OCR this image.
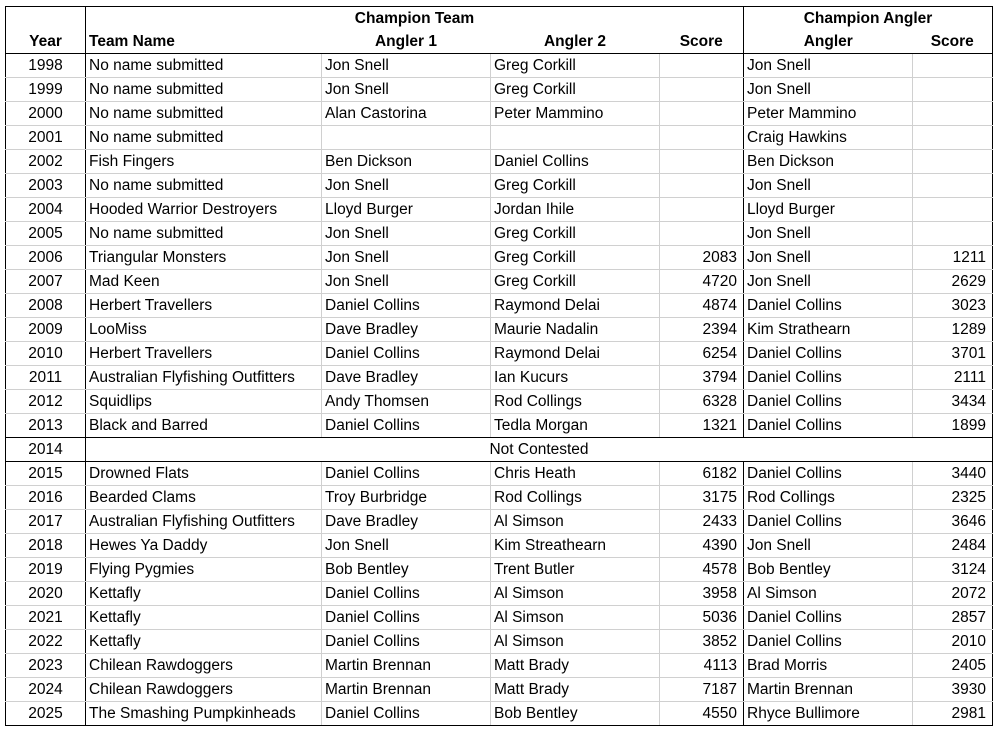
	Champion Team				Champion Angler	
Year	Team Name	Angler 1	Angler 2	Score	Angler	Score
1998	No name submitted	Jon Snell	Greg Corkill		Jon Snell	
1999	No name submitted	Jon Snell	Greg Corkill		Jon Snell	
2000	No name submitted	Alan Castorina	Peter Mammino		Peter Mammino	
2001	No name submitted				Craig Hawkins	
2002	Fish Fingers	Ben Dickson	Daniel Collins		Ben Dickson	
2003	No name submitted	Jon Snell	Greg Corkill		Jon Snell	
2004	Hooded Warrior Destroyers	Lloyd Burger	Jordan Ihile		Lloyd Burger	
2005	No name submitted	Jon Snell	Greg Corkill		Jon Snell	
2006	Triangular Monsters	Jon Snell	Greg Corkill	2083	Jon Snell	1211
2007	Mad Keen	Jon Snell	Greg Corkill	4720	Jon Snell	2629
2008	Herbert Travellers	Daniel Collins	Raymond Delai	4874	Daniel Collins	3023
2009	LooMiss	Dave Bradley	Maurie Nadalin	2394	Kim Strathearn	1289
2010	Herbert Travellers	Daniel Collins	Raymond Delai	6254	Daniel Collins	3701
2011	Australian Flyfishing Outfitters	Dave Bradley	Ian Kucurs	3794	Daniel Collins	2111
2012	Squidlips	Andy Thomsen	Rod Collings	6328	Daniel Collins	3434
2013	Black and Barred	Daniel Collins	Tedla Morgan	1321	Daniel Collins	1899
2014	Not Contested					
2015	Drowned Flats	Daniel Collins	Chris Heath	6182	Daniel Collins	3440
2016	Bearded Clams	Troy Burbridge	Rod Collings	3175	Rod Collings	2325
2017	Australian Flyfishing Outfitters	Dave Bradley	Al Simson	2433	Daniel Collins	3646
2018	Hewes Ya Daddy	Jon Snell	Kim Streathearn	4390	Jon Snell	2484
2019	Flying Pygmies	Bob Bentley	Trent Butler	4578	Bob Bentley	3124
2020	Kettafly	Daniel Collins	Al Simson	3958	Al Simson	2072
2021	Kettafly	Daniel Collins	Al Simson	5036	Daniel Collins	2857
2022	Kettafly	Daniel Collins	Al Simson	3852	Daniel Collins	2010
2023	Chilean Rawdoggers	Martin Brennan	Matt Brady	4113	Brad Morris	2405
2024	Chilean Rawdoggers	Martin Brennan	Matt Brady	7187	Martin Brennan	3930
2025	The Smashing Pumpkinheads	Daniel Collins	Bob Bentley	4550	Rhyce Bullimore	2981
